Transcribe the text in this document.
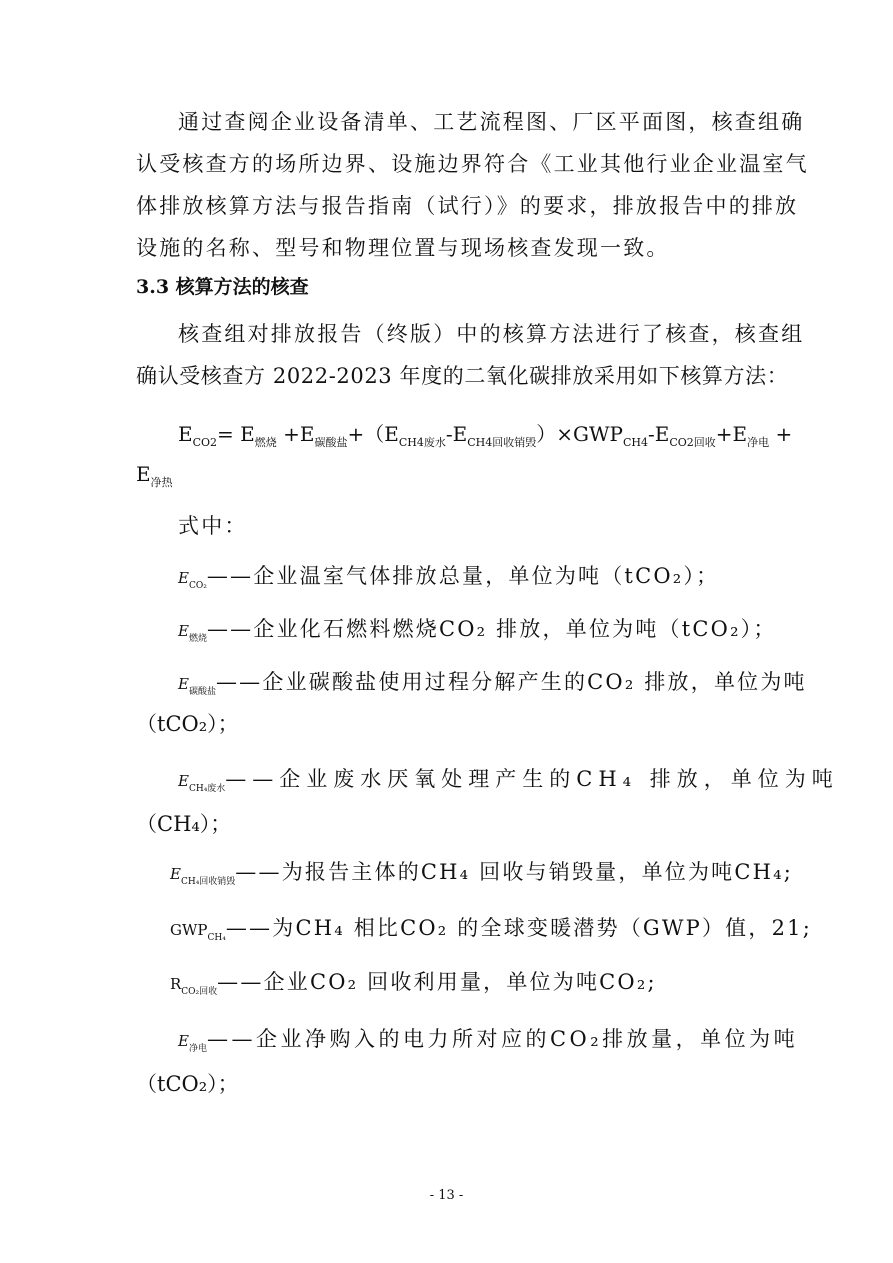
通过查阅企业设备清单、工艺流程图、厂区平面图，核查组确
认受核查方的场所边界、设施边界符合《工业其他行业企业温室气
体排放核算方法与报告指南（试行）》的要求，排放报告中的排放
设施的名称、型号和物理位置与现场核查发现一致。
3.3 核算方法的核查
核查组对排放报告（终版）中的核算方法进行了核查，核查组
确认受核查方 2022-2023 年度的二氧化碳排放采用如下核算方法：
$E_{CO2}= E_{燃烧} +E_{碳酸盐}+(E_{CH4废水}-E_{CH4回收销毁})\times GWP_{CH4}-E_{CO2回收}+E_{净电}$ +
$E_{净热}$
式中：
$E_{CO_2}——$企业温室气体排放总量，单位为吨（tCO₂）；
$E_{燃烧}——$企业化石燃料燃烧CO₂ 排放，单位为吨（tCO₂）；
$E_{碳酸盐}——$企业碳酸盐使用过程分解产生的CO₂ 排放，单位为吨
（tCO₂）；
$E_{CH_4废水}——$企业废水厌氧处理产生的CH₄ 排放，单位为吨
（CH₄）；
$E_{CH_4回收销毁}——$为报告主体的CH₄ 回收与销毁量，单位为吨CH₄;
$GWP_{CH_4}——$为CH₄ 相比CO₂ 的全球变暖潜势（GWP）值，21;
$R_{CO_2回收}——$企业CO₂ 回收利用量，单位为吨CO₂;
$E_{净电}——$企业净购入的电力所对应的CO₂排放量，单位为吨
（tCO₂）；
- 13 -
